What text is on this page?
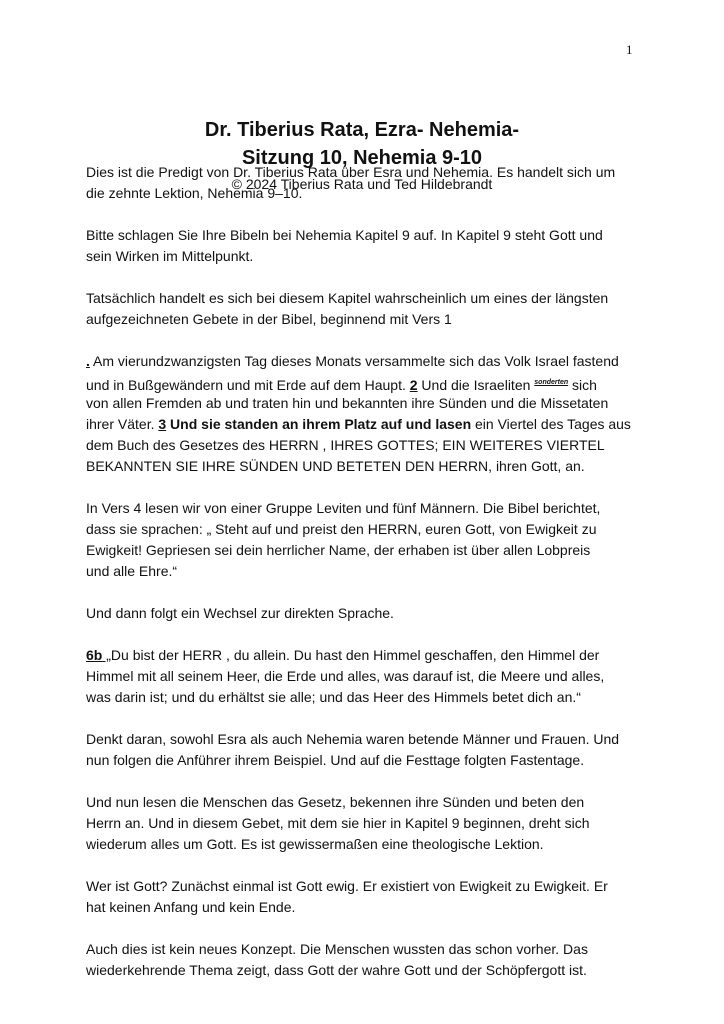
1
Dr. Tiberius Rata, Ezra- Nehemia-
Sitzung 10, Nehemia 9-10
© 2024 Tiberius Rata und Ted Hildebrandt
Dies ist die Predigt von Dr. Tiberius Rata über Esra und Nehemia. Es handelt sich um
die zehnte Lektion, Nehemia 9–10.
Bitte schlagen Sie Ihre Bibeln bei Nehemia Kapitel 9 auf. In Kapitel 9 steht Gott und
sein Wirken im Mittelpunkt.
Tatsächlich handelt es sich bei diesem Kapitel wahrscheinlich um eines der längsten
aufgezeichneten Gebete in der Bibel, beginnend mit Vers 1
. Am vierundzwanzigsten Tag dieses Monats versammelte sich das Volk Israel fastend
und in Bußgewändern und mit Erde auf dem Haupt. 2 Und die Israeliten $^{sonderten}$ sich
von allen Fremden ab und traten hin und bekannten ihre Sünden und die Missetaten
ihrer Väter. 3 Und sie standen an ihrem Platz auf und lasen ein Viertel des Tages aus
dem Buch des Gesetzes des HERRN , IHRES GOTTES; EIN WEITERES VIERTEL
BEKANNTEN SIE IHRE SÜNDEN UND BETETEN DEN HERRN, ihren Gott, an.
In Vers 4 lesen wir von einer Gruppe Leviten und fünf Männern. Die Bibel berichtet,
dass sie sprachen: „ Steht auf und preist den HERRN, euren Gott, von Ewigkeit zu
Ewigkeit! Gepriesen sei dein herrlicher Name, der erhaben ist über allen Lobpreis
und alle Ehre.“
Und dann folgt ein Wechsel zur direkten Sprache.
6b „Du bist der HERR , du allein. Du hast den Himmel geschaffen, den Himmel der
Himmel mit all seinem Heer, die Erde und alles, was darauf ist, die Meere und alles,
was darin ist; und du erhältst sie alle; und das Heer des Himmels betet dich an.“
Denkt daran, sowohl Esra als auch Nehemia waren betende Männer und Frauen. Und
nun folgen die Anführer ihrem Beispiel. Und auf die Festtage folgten Fastentage.
Und nun lesen die Menschen das Gesetz, bekennen ihre Sünden und beten den
Herrn an. Und in diesem Gebet, mit dem sie hier in Kapitel 9 beginnen, dreht sich
wiederum alles um Gott. Es ist gewissermaßen eine theologische Lektion.
Wer ist Gott? Zunächst einmal ist Gott ewig. Er existiert von Ewigkeit zu Ewigkeit. Er
hat keinen Anfang und kein Ende.
Auch dies ist kein neues Konzept. Die Menschen wussten das schon vorher. Das
wiederkehrende Thema zeigt, dass Gott der wahre Gott und der Schöpfergott ist.
